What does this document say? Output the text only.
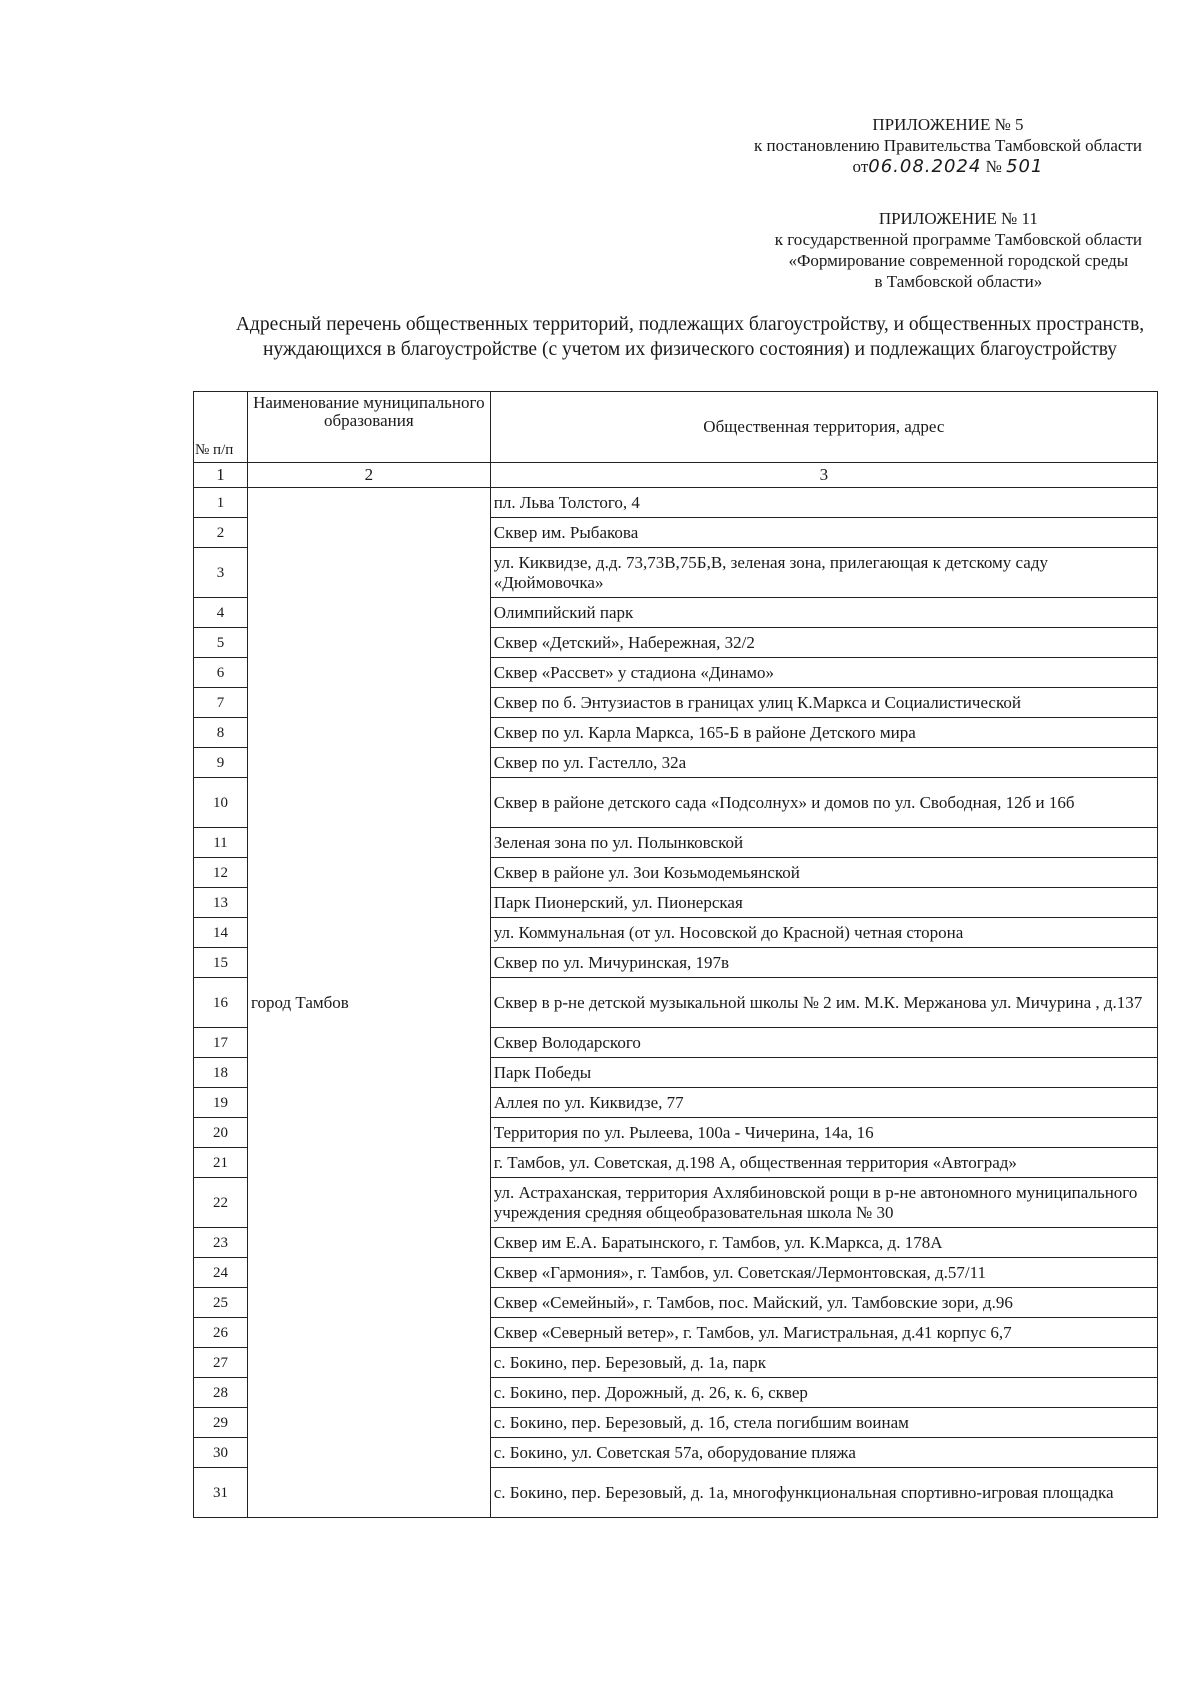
ПРИЛОЖЕНИЕ № 5
к постановлению Правительства Тамбовской области
от06.08.2024 № 501
ПРИЛОЖЕНИЕ № 11
к государственной программе Тамбовской области
«Формирование современной городской среды
в Тамбовской области»
Адресный перечень общественных территорий, подлежащих благоустройству, и общественных пространств, нуждающихся в благоустройстве (с учетом их физического состояния) и подлежащих благоустройству
№ п/п	Наименование муниципального образования	Общественная территория, адрес
1	2	3
1	город Тамбов	пл. Льва Толстого, 4
2		Сквер им. Рыбакова
3		ул. Киквидзе, д.д. 73,73В,75Б,В, зеленая зона, прилегающая к детскому саду «Дюймовочка»
4		Олимпийский парк
5		Сквер «Детский», Набережная, 32/2
6		Сквер «Рассвет» у стадиона «Динамо»
7		Сквер по б. Энтузиастов в границах улиц К.Маркса и Социалистической
8		Сквер по ул. Карла Маркса, 165-Б в районе Детского мира
9		Сквер по ул. Гастелло, 32а
10		Сквер в районе детского сада «Подсолнух» и домов по ул. Свободная, 12б и 16б
11		Зеленая зона по ул. Полынковской
12		Сквер в районе ул. Зои Козьмодемьянской
13		Парк Пионерский, ул. Пионерская
14		ул. Коммунальная (от ул. Носовской до Красной) четная сторона
15		Сквер по ул. Мичуринская, 197в
16		Сквер в р-не детской музыкальной школы № 2 им. М.К. Мержанова ул. Мичурина , д.137
17		Сквер Володарского
18		Парк Победы
19		Аллея по ул. Киквидзе, 77
20		Территория по ул. Рылеева, 100а - Чичерина, 14а, 16
21		г. Тамбов, ул. Советская, д.198 А, общественная территория «Автоград»
22		ул. Астраханская, территория Ахлябиновской рощи в р-не автономного муниципального учреждения средняя общеобразовательная школа № 30
23		Сквер им Е.А. Баратынского, г. Тамбов, ул. К.Маркса, д. 178А
24		Сквер «Гармония», г. Тамбов, ул. Советская/Лермонтовская, д.57/11
25		Сквер «Семейный», г. Тамбов, пос. Майский, ул. Тамбовские зори, д.96
26		Сквер «Северный ветер», г. Тамбов, ул. Магистральная, д.41 корпус 6,7
27		с. Бокино, пер. Березовый, д. 1а, парк
28		с. Бокино, пер. Дорожный, д. 26, к. 6, сквер
29		с. Бокино, пер. Березовый, д. 1б, стела погибшим воинам
30		с. Бокино, ул. Советская 57а, оборудование пляжа
31		с. Бокино, пер. Березовый, д. 1а, многофункциональная спортивно-игровая площадка
